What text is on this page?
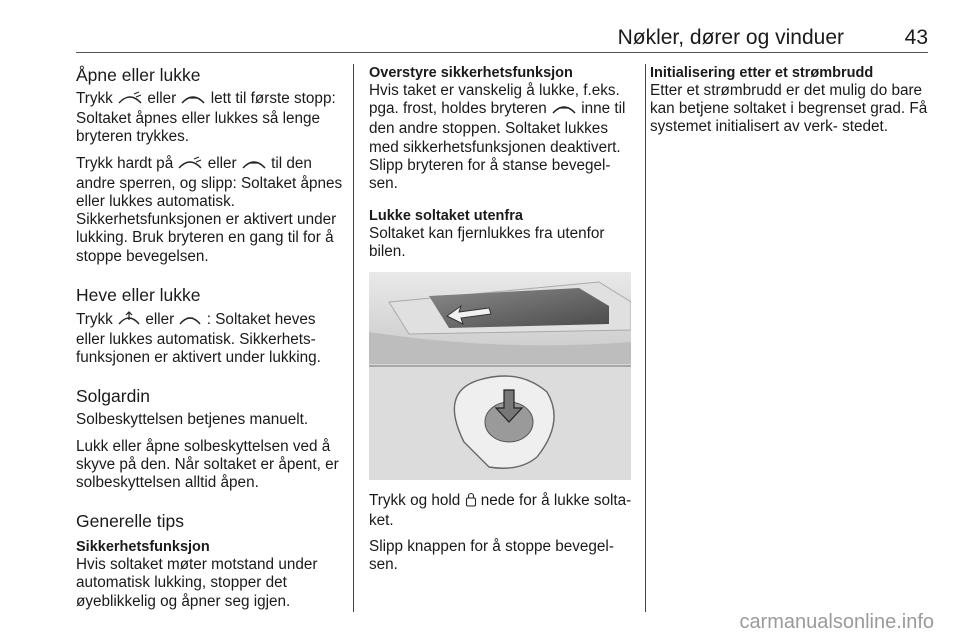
Nøkler, dører og vinduer	43
Åpne eller lukke

Trykk eller lett til første stopp: Soltaket åpnes eller lukkes så lenge bryteren trykkes.

Trykk hardt på eller til den andre sperren, og slipp: Soltaket åpnes eller lukkes automatisk. Sikkerhetsfunksjonen er aktivert under lukking. Bruk bryteren en gang til for å stoppe bevegelsen.

Heve eller lukke

Trykk eller : Soltaket heves eller lukkes automatisk. Sikkerhets- funksjonen er aktivert under lukking.

Solgardin

Solbeskyttelsen betjenes manuelt.

Lukk eller åpne solbeskyttelsen ved å skyve på den. Når soltaket er åpent, er solbeskyttelsen alltid åpen.

Generelle tips
Sikkerhetsfunksjon

Hvis soltaket møter motstand under automatisk lukking, stopper det øyeblikkelig og åpner seg igjen.

Overstyre sikkerhetsfunksjon

Hvis taket er vanskelig å lukke, f.eks. pga. frost, holdes bryteren inne til den andre stoppen. Soltaket lukkes med sikkerhetsfunksjonen deaktivert. Slipp bryteren for å stanse bevegel- sen.

Lukke soltaket utenfra

Soltaket kan fjernlukkes fra utenfor bilen.

Trykk og hold nede for å lukke solta- ket.

Slipp knappen for å stoppe bevegel- sen.

Initialisering etter et strømbrudd

Etter et strømbrudd er det mulig do bare kan betjene soltaket i begrenset grad. Få systemet initialisert av verk- stedet.

carmanualsonline.info
